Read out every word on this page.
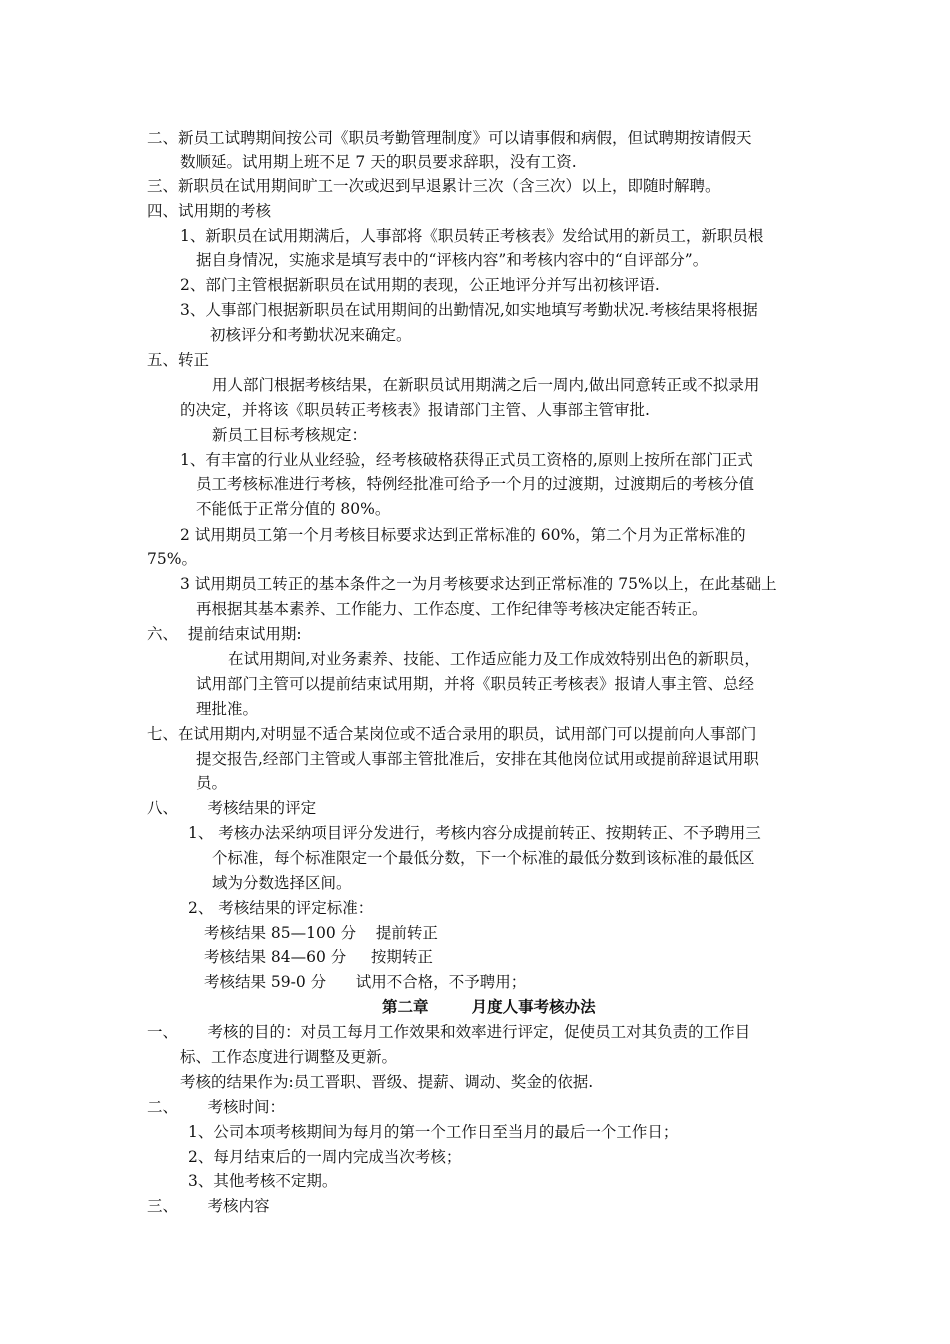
二、新员工试聘期间按公司《职员考勤管理制度》可以请事假和病假，但试聘期按请假天
数顺延。试用期上班不足 7 天的职员要求辞职，没有工资.
三、新职员在试用期间旷工一次或迟到早退累计三次（含三次）以上，即随时解聘。
四、试用期的考核
1、新职员在试用期满后，人事部将《职员转正考核表》发给试用的新员工，新职员根
据自身情况，实施求是填写表中的“评核内容”和考核内容中的“自评部分”。
2、部门主管根据新职员在试用期的表现，公正地评分并写出初核评语.
3、人事部门根据新职员在试用期间的出勤情况,如实地填写考勤状况.考核结果将根据
初核评分和考勤状况来确定。
五、转正
用人部门根据考核结果，在新职员试用期满之后一周内,做出同意转正或不拟录用
的决定，并将该《职员转正考核表》报请部门主管、人事部主管审批.
新员工目标考核规定：
1、有丰富的行业从业经验，经考核破格获得正式员工资格的,原则上按所在部门正式
员工考核标准进行考核，特例经批准可给予一个月的过渡期，过渡期后的考核分值
不能低于正常分值的 80%。
2 试用期员工第一个月考核目标要求达到正常标准的 60%，第二个月为正常标准的
75%。
3 试用期员工转正的基本条件之一为月考核要求达到正常标准的 75%以上，在此基础上
再根据其基本素养、工作能力、工作态度、工作纪律等考核决定能否转正。
六、  提前结束试用期:
在试用期间,对业务素养、技能、工作适应能力及工作成效特别出色的新职员，
试用部门主管可以提前结束试用期，并将《职员转正考核表》报请人事主管、总经
理批准。
七、在试用期内,对明显不适合某岗位或不适合录用的职员，试用部门可以提前向人事部门
提交报告,经部门主管或人事部主管批准后，安排在其他岗位试用或提前辞退试用职
员。
八、      考核结果的评定
1、 考核办法采纳项目评分发进行，考核内容分成提前转正、按期转正、不予聘用三
个标准，每个标准限定一个最低分数，下一个标准的最低分数到该标准的最低区
域为分数选择区间。
2、 考核结果的评定标准：
考核结果 85—100 分    提前转正
考核结果 84—60 分     按期转正
考核结果 59-0 分      试用不合格，不予聘用；
第二章        月度人事考核办法
一、      考核的目的：对员工每月工作效果和效率进行评定，促使员工对其负责的工作目
标、工作态度进行调整及更新。
考核的结果作为:员工晋职、晋级、提薪、调动、奖金的依据.
二、      考核时间：
1、公司本项考核期间为每月的第一个工作日至当月的最后一个工作日；
2、每月结束后的一周内完成当次考核；
3、其他考核不定期。
三、      考核内容
